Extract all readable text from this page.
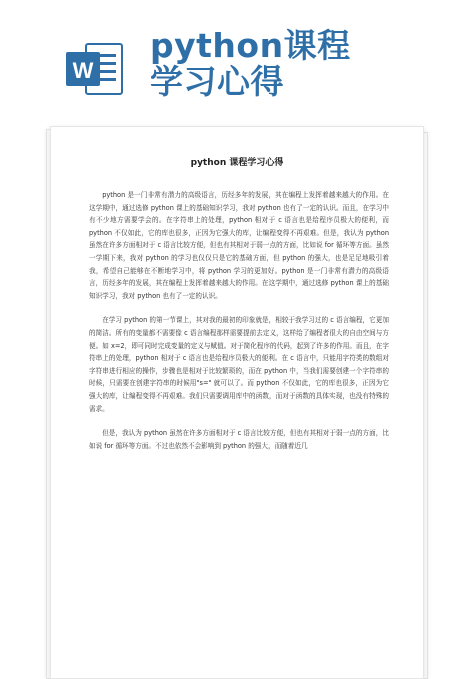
W
python课程
学习心得
python 课程学习心得

python 是一门非常有潜力的高级语言，历经多年的发展，其在编程上发挥着越来越大的作用。在这学期中，通过选修 python 课上的基础知识学习，我对 python 也有了一定的认识。而且，在学习中有不少地方需要学会的。在字符串上的处理，python 相对于 c 语言也是给程序员极大的便利，而 python 不仅如此，它的库也很多，正因为它强大的库，让编程变得不再艰难。但是，我认为 python 虽然在许多方面相对于 c 语言比较方便，但也有其相对于弱一点的方面，比如说 for 循环等方面。虽然一学期下来，我对 python 的学习也仅仅只是它的基础方面，但 python 的强大，也是足足地吸引着我，希望自己能够在不断地学习中，将 python 学习的更加好。python 是一门非常有潜力的高级语言，历经多年的发展，其在编程上发挥着越来越大的作用。在这学期中，通过选修 python 课上的基础知识学习，我对 python 也有了一定的认识。

在学习 python 的第一节课上，其对我的最初的印象就是，相较于我学习过的 c 语言编程，它更加的简洁。所有的变量都不需要像 c 语言编程那样需要提前去定义，这样给了编程者很大的自由空间与方便。如 x=2，即可同时完成变量的定义与赋值。对于简化程序的代码，起到了许多的作用。而且，在字符串上的处理，python 相对于 c 语言也是给程序员极大的便利。在 c 语言中，只能用字符类的数组对字符串进行相应的操作，步骤也是相对于比较繁琐的，而在 python 中，当我们需要创建一个字符串的时候，只需要在创建字符串的时候用"s=" 就可以了。而 python 不仅如此，它的库也很多，正因为它强大的库，让编程变得不再艰难。我们只需要调用库中的函数，而对于函数的具体实现，也没有特殊的需求。

但是，我认为 python 虽然在许多方面相对于 c 语言比较方便，但也有其相对于弱一点的方面，比如说 for 循环等方面。不过也依然不会影响到 python 的强大，而随着近几
